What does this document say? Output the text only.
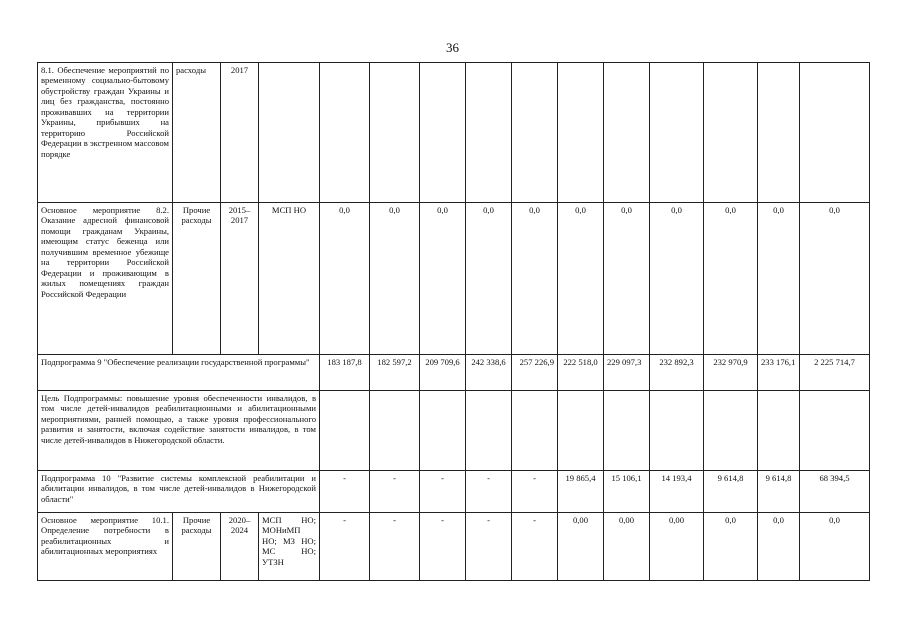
36
8.1. Обеспечение мероприятий по временному социально-бытовому обустройству граждан Украины и лиц без гражданства, постоянно проживавших на территории Украины, прибывших на территорию Российской Федерации в экстренном массовом порядке	расходы	2017												
Основное мероприятие 8.2. Оказание адресной финансовой помощи гражданам Украины, имеющим статус беженца или получившим временное убежище на территории Российской Федерации и проживающим в жилых помещениях граждан Российской Федерации	Прочие расходы	2015–2017	МСП НО	0,0	0,0	0,0	0,0	0,0	0,0	0,0	0,0	0,0	0,0	0,0
Подпрограмма 9 "Обеспечение реализации государственной программы"				183 187,8	182 597,2	209 709,6	242 338,6	257 226,9	222 518,0	229 097,3	232 892,3	232 970,9	233 176,1	2 225 714,7
Цель Подпрограммы: повышение уровня обеспеченности инвалидов, в том числе детей-инвалидов реабилитационными и абилитационными мероприятиями, ранней помощью, а также уровня профессионального развития и занятости, включая содействие занятости инвалидов, в том числе детей-инвалидов в Нижегородской области.														
Подпрограмма 10 "Развитие системы комплексной реабилитации и абилитации инвалидов, в том числе детей-инвалидов в Нижегородской области"				-	-	-	-	-	19 865,4	15 106,1	14 193,4	9 614,8	9 614,8	68 394,5
Основное мероприятие 10.1. Определение потребности в реабилитационных и абилитационных мероприятиях	Прочие расходы	2020–2024	МСП НО; МОНиМП НО; МЗ НО; МС НО; УТЗН	-	-	-	-	-	0,00	0,00	0,00	0,0	0,0	0,0
